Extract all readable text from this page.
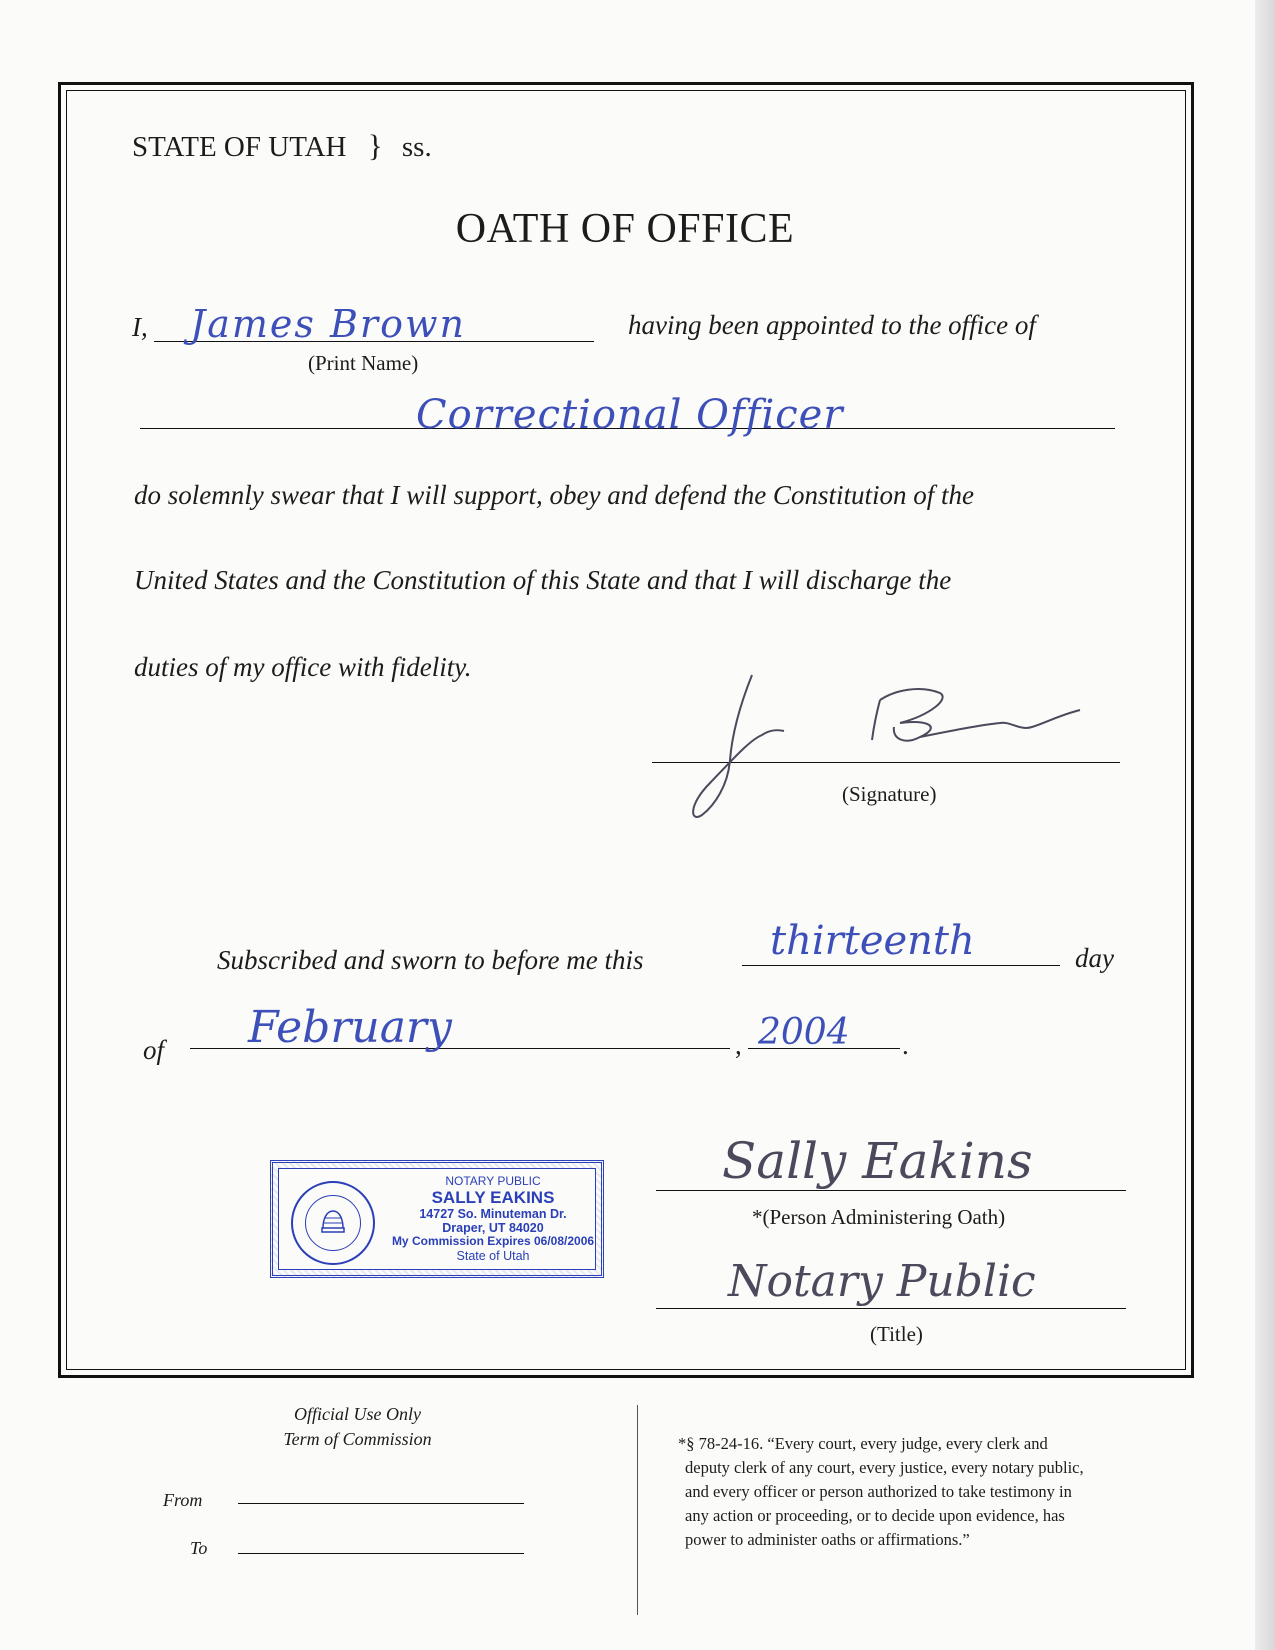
STATE OF UTAH } ss.
OATH OF OFFICE
I, James Brown
(Print Name)
having been appointed to the office of
Correctional Officer
do solemnly swear that I will support, obey and defend the Constitution of the
United States and the Constitution of this State and that I will discharge the
duties of my office with fidelity.
(Signature)
Subscribed and sworn to before me this	thirteenth	day
of February	, 2004 .
NOTARY PUBLIC
SALLY EAKINS
14727 So. Minuteman Dr.
Draper, UT 84020
My Commission Expires 06/08/2006
State of Utah
Sally Eakins
*(Person Administering Oath)
Notary Public
(Title)
Official Use Only
Term of Commission
From
To
*§ 78-24-16. “Every court, every judge, every clerk and
deputy clerk of any court, every justice, every notary public,
and every officer or person authorized to take testimony in
any action or proceeding, or to decide upon evidence, has
power to administer oaths or affirmations.”
